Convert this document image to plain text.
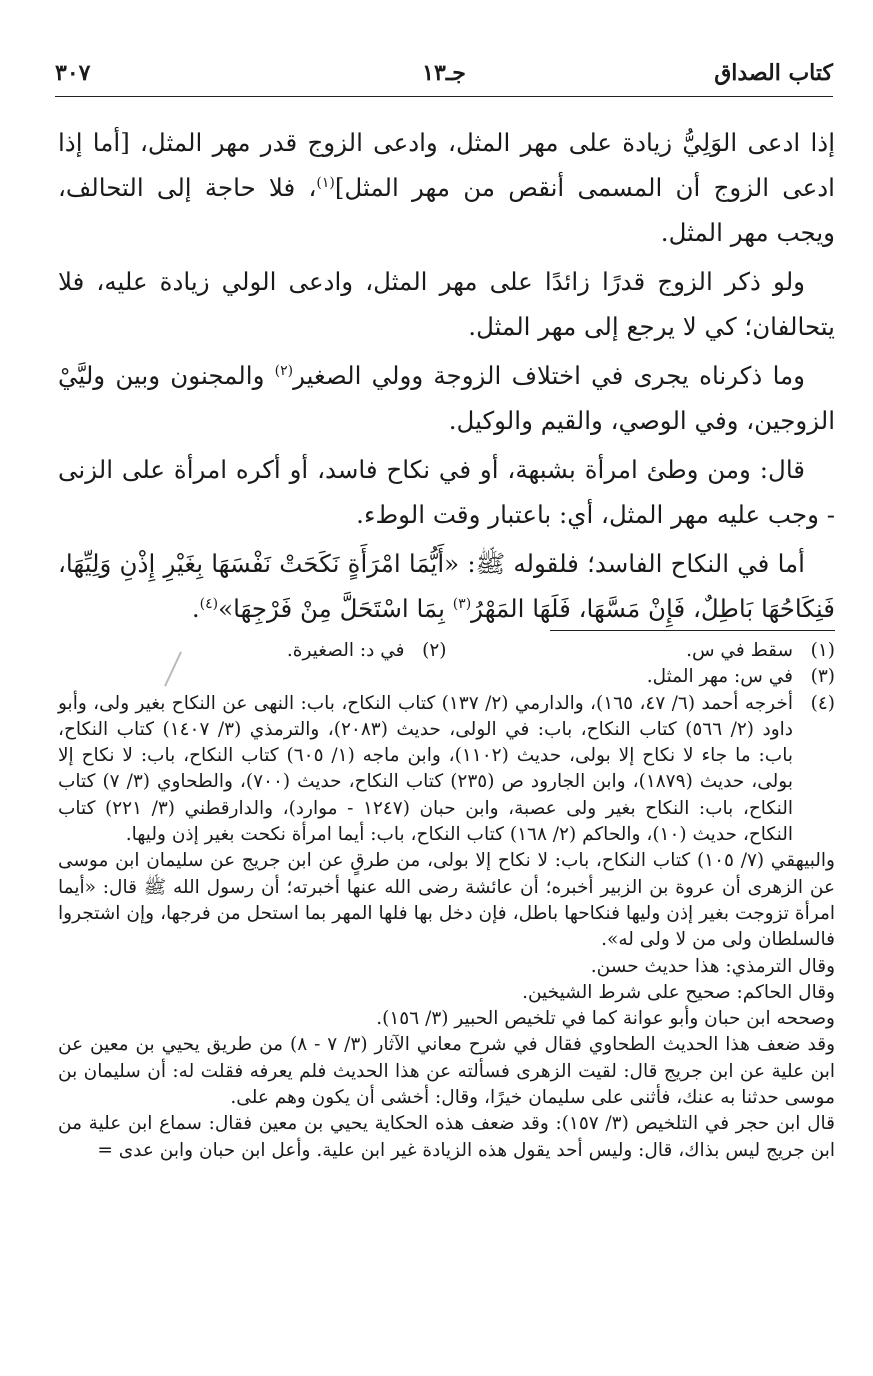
كتاب الصداق
جـ١٣
٣٠٧

إذا ادعى الوَلِيُّ زيادة على مهر المثل، وادعى الزوج قدر مهر المثل، [أما إذا ادعى الزوج أن المسمى أنقص من مهر المثل]$^{(١)}$، فلا حاجة إلى التحالف، ويجب مهر المثل.

ولو ذكر الزوج قدرًا زائدًا على مهر المثل، وادعى الولي زيادة عليه، فلا يتحالفان؛ كي لا يرجع إلى مهر المثل.

وما ذكرناه يجرى في اختلاف الزوجة وولي الصغير$^{(٢)}$ والمجنون وبين وليَّيْ الزوجين، وفي الوصي، والقيم والوكيل.

قال: ومن وطئ امرأة بشبهة، أو في نكاح فاسد، أو أكره امرأة على الزنى - وجب عليه مهر المثل، أي: باعتبار وقت الوطء.

أما في النكاح الفاسد؛ فلقوله ﷺ: «أَيُّمَا امْرَأَةٍ نَكَحَتْ نَفْسَهَا بِغَيْرِ إِذْنِ وَلِيِّهَا، فَنِكَاحُهَا بَاطِلٌ، فَإِنْ مَسَّهَا، فَلَهَا المَهْرُ$^{(٣)}$ بِمَا اسْتَحَلَّ مِنْ فَرْجِهَا»$^{(٤)}$.

(١)
سقط في س.
(٢)
في د: الصغيرة.
(٣)
في س: مهر المثل.
(٤)

أخرجه أحمد (٦/ ٤٧، ١٦٥)، والدارمي (٢/ ١٣٧) كتاب النكاح، باب: النهى عن النكاح بغير ولى، وأبو داود (٢/ ٥٦٦) كتاب النكاح، باب: في الولى، حديث (٢٠٨٣)، والترمذي (٣/ ١٤٠٧) كتاب النكاح، باب: ما جاء لا نكاح إلا بولى، حديث (١١٠٢)، وابن ماجه (١/ ٦٠٥) كتاب النكاح، باب: لا نكاح إلا بولى، حديث (١٨٧٩)، وابن الجارود ص (٢٣٥) كتاب النكاح، حديث (٧٠٠)، والطحاوي (٣/ ٧) كتاب النكاح، باب: النكاح بغير ولى عصبة، وابن حبان (١٢٤٧ - موارد)، والدارقطني (٣/ ٢٢١) كتاب النكاح، حديث (١٠)، والحاكم (٢/ ١٦٨) كتاب النكاح، باب: أيما امرأة نكحت بغير إذن وليها.

والبيهقي (٧/ ١٠٥) كتاب النكاح، باب: لا نكاح إلا بولى، من طرقٍ عن ابن جريج عن سليمان ابن موسى عن الزهرى أن عروة بن الزبير أخبره؛ أن عائشة رضى الله عنها أخبرته؛ أن رسول الله ﷺ قال: «أيما امرأة تزوجت بغير إذن وليها فنكاحها باطل، فإن دخل بها فلها المهر بما استحل من فرجها، وإن اشتجروا فالسلطان ولى من لا ولى له».

وقال الترمذي: هذا حديث حسن.

وقال الحاكم: صحيح على شرط الشيخين.

وصححه ابن حبان وأبو عوانة كما في تلخيص الحبير (٣/ ١٥٦).

وقد ضعف هذا الحديث الطحاوي فقال في شرح معاني الآثار (٣/ ٧ - ٨) من طريق يحيي بن معين عن ابن علية عن ابن جريج قال: لقيت الزهرى فسألته عن هذا الحديث فلم يعرفه فقلت له: أن سليمان بن موسى حدثنا به عنك، فأثنى على سليمان خيرًا، وقال: أخشى أن يكون وهم على.

قال ابن حجر في التلخيص (٣/ ١٥٧): وقد ضعف هذه الحكاية يحيي بن معين فقال: سماع ابن علية من ابن جريج ليس بذاك، قال: وليس أحد يقول هذه الزيادة غير ابن علية. وأعل ابن حبان وابن عدى =
